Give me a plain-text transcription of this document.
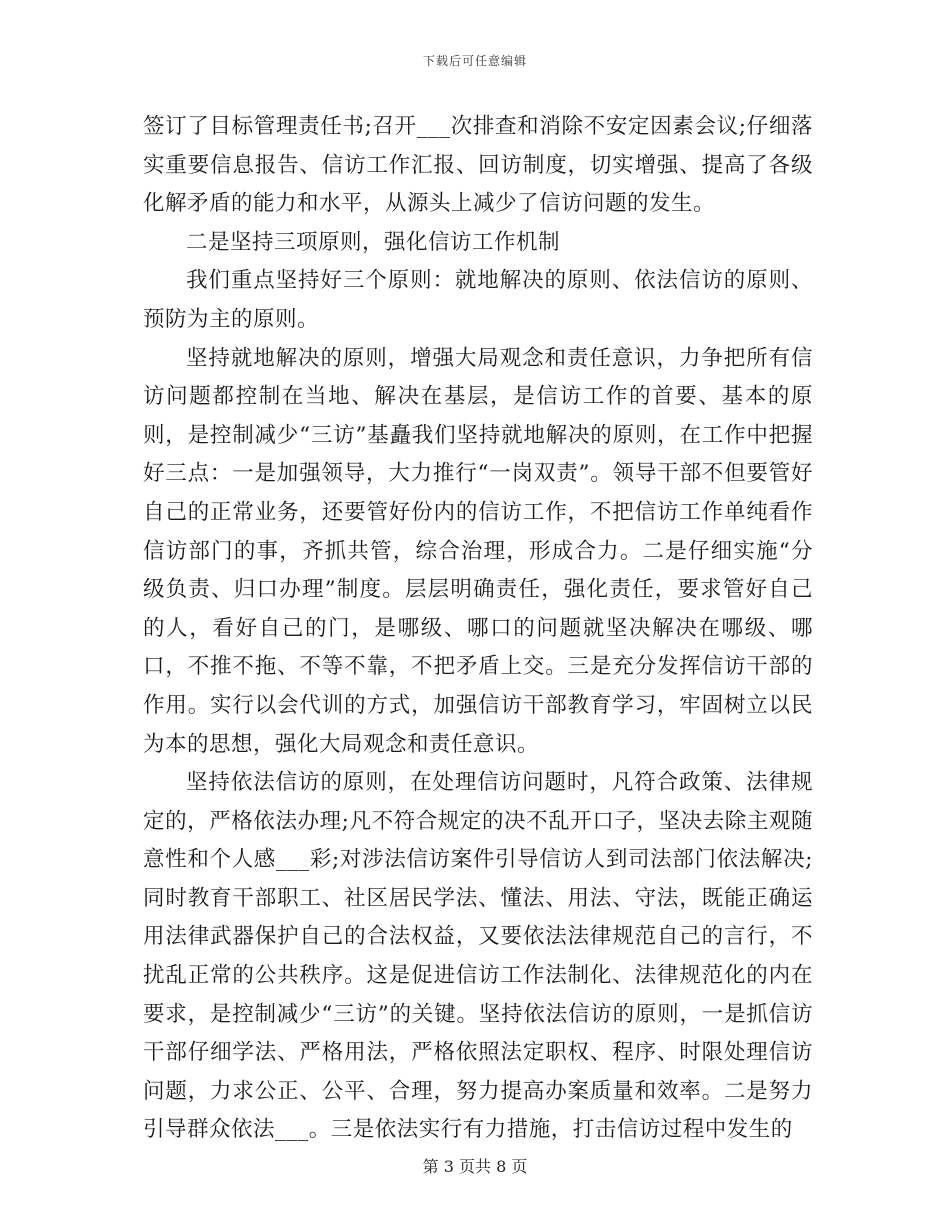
下载后可任意编辑

签订了目标管理责任书;召开___次排查和消除不安定因素会议;仔细落实重要信息报告、信访工作汇报、回访制度，切实增强、提高了各级化解矛盾的能力和水平，从源头上减少了信访问题的发生。

二是坚持三项原则，强化信访工作机制

我们重点坚持好三个原则：就地解决的原则、依法信访的原则、预防为主的原则。

坚持就地解决的原则，增强大局观念和责任意识，力争把所有信访问题都控制在当地、解决在基层，是信访工作的首要、基本的原则，是控制减少“三访”基矗我们坚持就地解决的原则，在工作中把握好三点：一是加强领导，大力推行“一岗双责”。领导干部不但要管好自己的正常业务，还要管好份内的信访工作，不把信访工作单纯看作信访部门的事，齐抓共管，综合治理，形成合力。二是仔细实施“分级负责、归口办理”制度。层层明确责任，强化责任，要求管好自己的人，看好自己的门，是哪级、哪口的问题就坚决解决在哪级、哪口，不推不拖、不等不靠，不把矛盾上交。三是充分发挥信访干部的作用。实行以会代训的方式，加强信访干部教育学习，牢固树立以民为本的思想，强化大局观念和责任意识。

坚持依法信访的原则，在处理信访问题时，凡符合政策、法律规定的，严格依法办理;凡不符合规定的决不乱开口子，坚决去除主观随意性和个人感___彩;对涉法信访案件引导信访人到司法部门依法解决;同时教育干部职工、社区居民学法、懂法、用法、守法，既能正确运用法律武器保护自己的合法权益，又要依法法律规范自己的言行，不扰乱正常的公共秩序。这是促进信访工作法制化、法律规范化的内在要求，是控制减少“三访”的关键。坚持依法信访的原则，一是抓信访干部仔细学法、严格用法，严格依照法定职权、程序、时限处理信访问题，力求公正、公平、合理，努力提高办案质量和效率。二是努力引导群众依法___。三是依法实行有力措施，打击信访过程中发生的

第 3 页共 8 页
